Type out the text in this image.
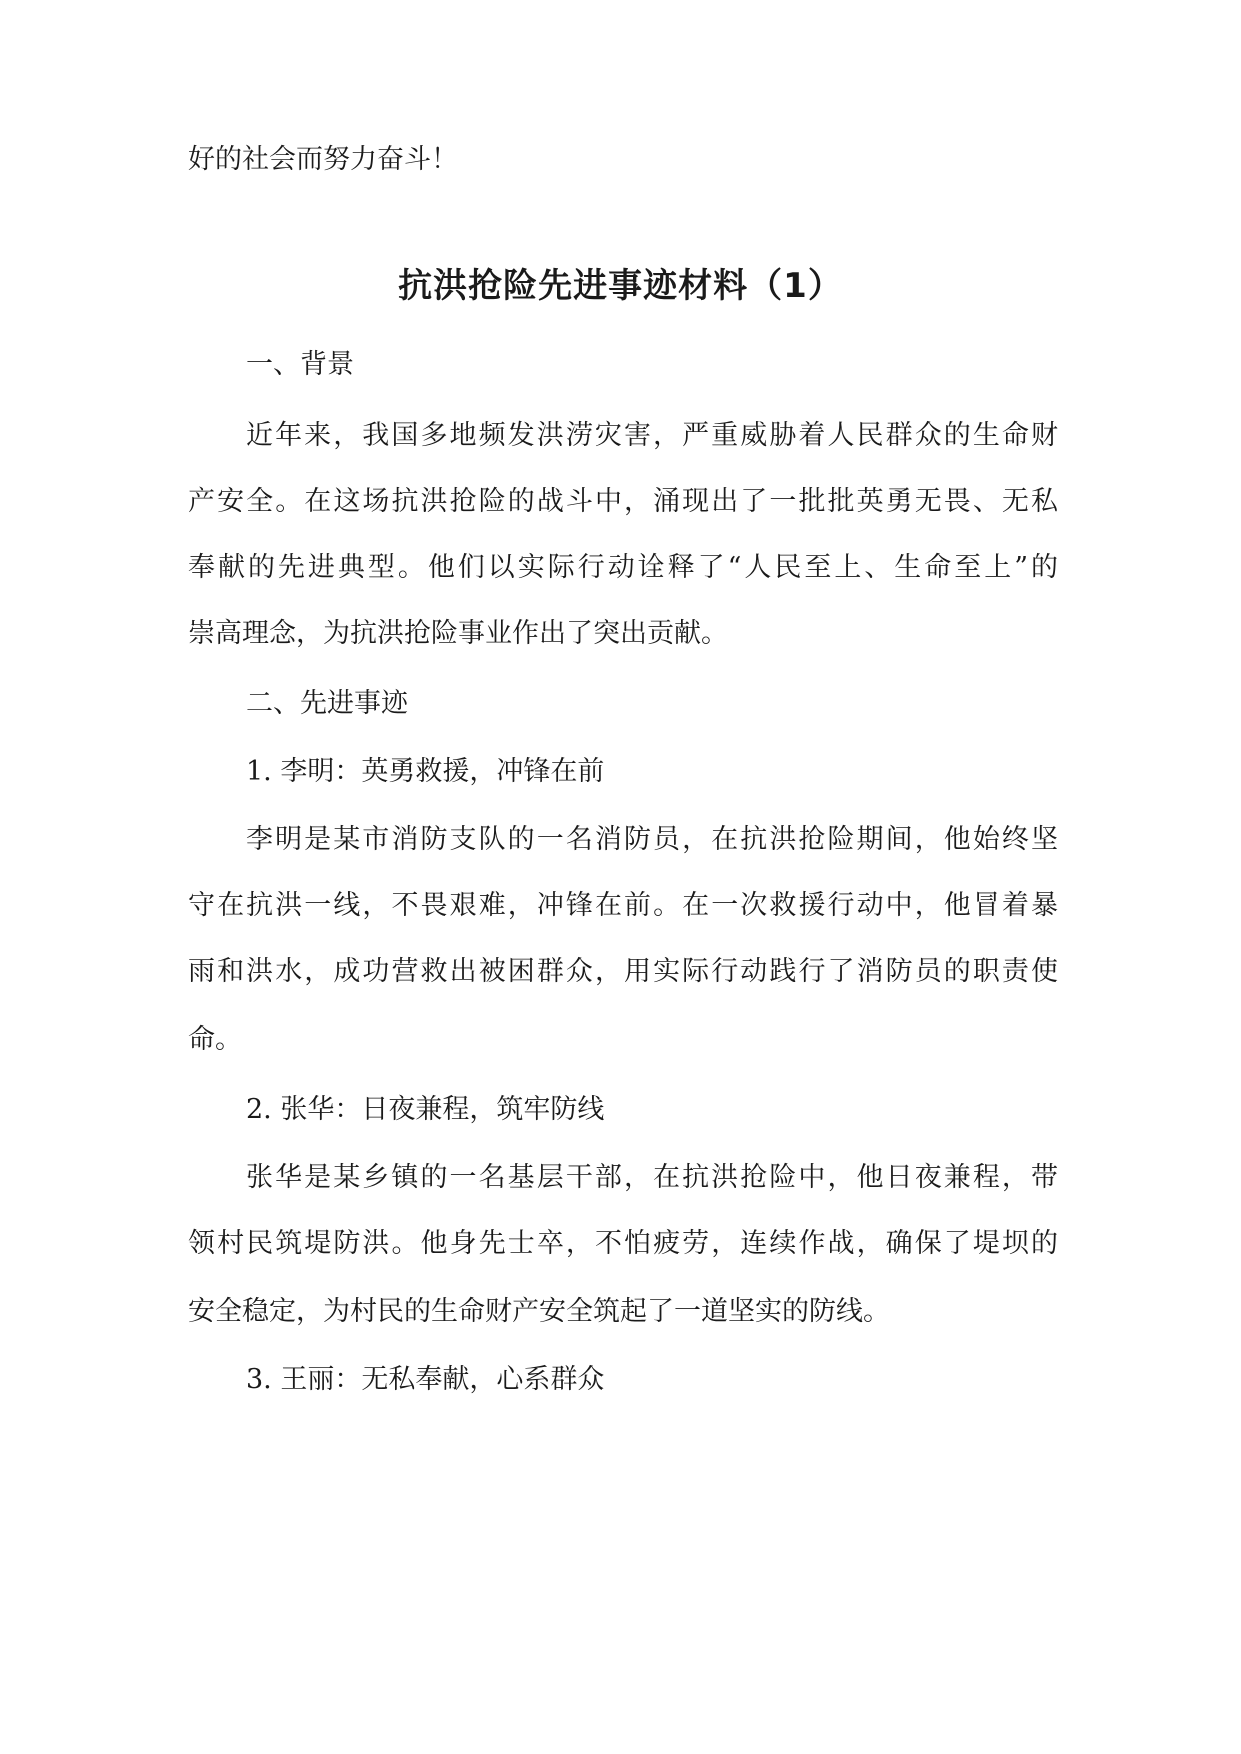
好的社会而努力奋斗！
抗洪抢险先进事迹材料（1）
一、背景
近年来，我国多地频发洪涝灾害，严重威胁着人民群众的生命财
产安全。在这场抗洪抢险的战斗中，涌现出了一批批英勇无畏、无私
奉献的先进典型。他们以实际行动诠释了“人民至上、生命至上”的
崇高理念，为抗洪抢险事业作出了突出贡献。
二、先进事迹
1. 李明：英勇救援，冲锋在前
李明是某市消防支队的一名消防员，在抗洪抢险期间，他始终坚
守在抗洪一线，不畏艰难，冲锋在前。在一次救援行动中，他冒着暴
雨和洪水，成功营救出被困群众，用实际行动践行了消防员的职责使
命。
2. 张华：日夜兼程，筑牢防线
张华是某乡镇的一名基层干部，在抗洪抢险中，他日夜兼程，带
领村民筑堤防洪。他身先士卒，不怕疲劳，连续作战，确保了堤坝的
安全稳定，为村民的生命财产安全筑起了一道坚实的防线。
3. 王丽：无私奉献，心系群众
